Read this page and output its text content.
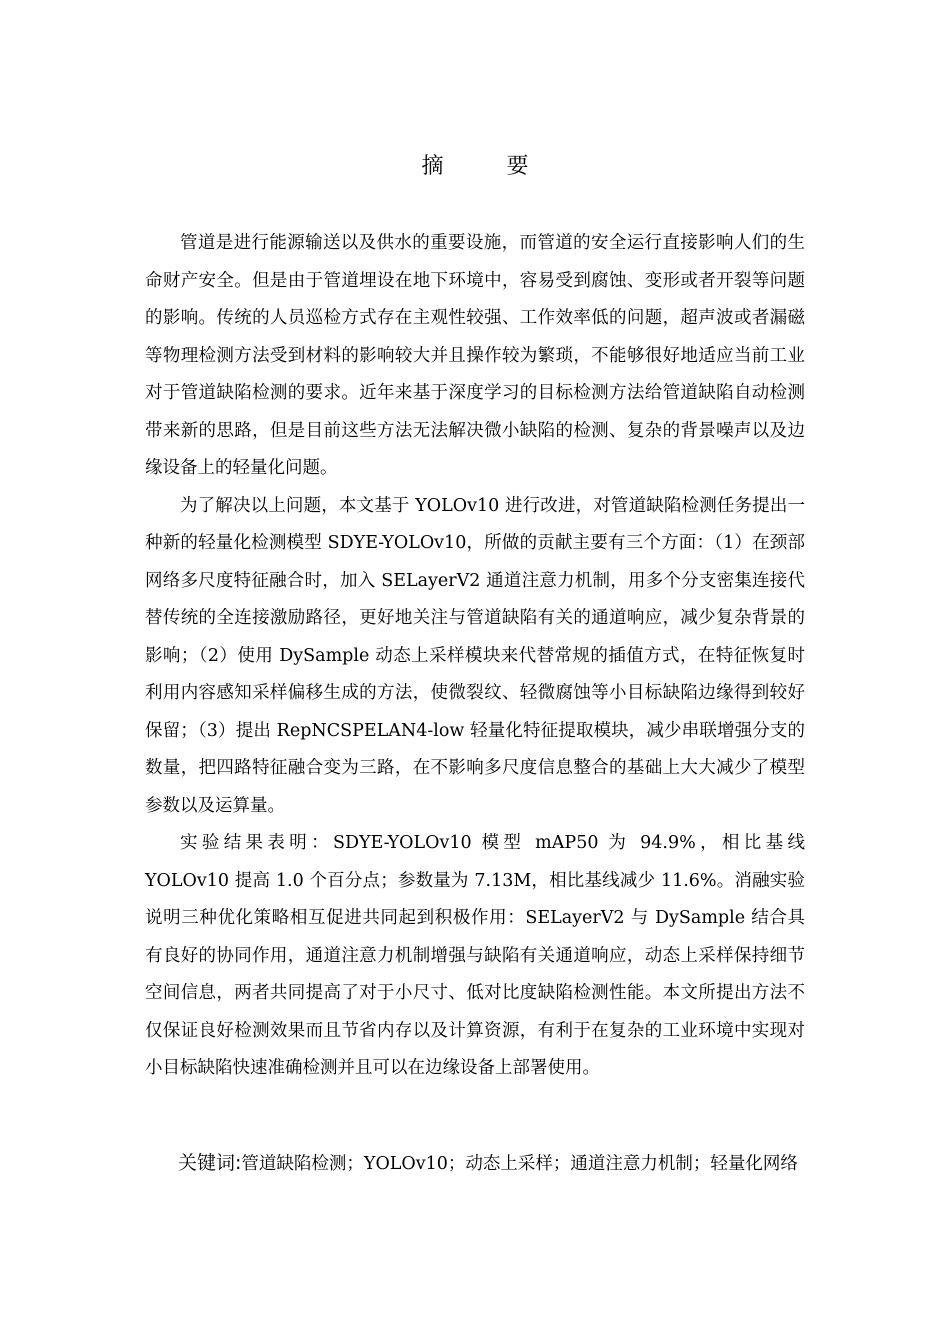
摘 要

管道是进行能源输送以及供水的重要设施，而管道的安全运行直接影响人们的生命财产安全。但是由于管道埋设在地下环境中，容易受到腐蚀、变形或者开裂等问题的影响。传统的人员巡检方式存在主观性较强、工作效率低的问题，超声波或者漏磁等物理检测方法受到材料的影响较大并且操作较为繁琐，不能够很好地适应当前工业对于管道缺陷检测的要求。近年来基于深度学习的目标检测方法给管道缺陷自动检测带来新的思路，但是目前这些方法无法解决微小缺陷的检测、复杂的背景噪声以及边缘设备上的轻量化问题。

为了解决以上问题，本文基于 YOLOv10 进行改进，对管道缺陷检测任务提出一种新的轻量化检测模型 SDYE-YOLOv10，所做的贡献主要有三个方面：（1）在颈部网络多尺度特征融合时，加入 SELayerV2 通道注意力机制，用多个分支密集连接代替传统的全连接激励路径，更好地关注与管道缺陷有关的通道响应，减少复杂背景的影响；（2）使用 DySample 动态上采样模块来代替常规的插值方式，在特征恢复时利用内容感知采样偏移生成的方法，使微裂纹、轻微腐蚀等小目标缺陷边缘得到较好保留；（3）提出 RepNCSPELAN4-low 轻量化特征提取模块，减少串联增强分支的数量，把四路特征融合变为三路，在不影响多尺度信息整合的基础上大大减少了模型参数以及运算量。

实验结果表明：SDYE-YOLOv10 模型 mAP50 为 94.9%，相比基线 YOLOv10 提高 1.0 个百分点；参数量为 7.13M，相比基线减少 11.6%。消融实验说明三种优化策略相互促进共同起到积极作用：SELayerV2 与 DySample 结合具有良好的协同作用，通道注意力机制增强与缺陷有关通道响应，动态上采样保持细节空间信息，两者共同提高了对于小尺寸、低对比度缺陷检测性能。本文所提出方法不仅保证良好检测效果而且节省内存以及计算资源，有利于在复杂的工业环境中实现对小目标缺陷快速准确检测并且可以在边缘设备上部署使用。

关键词:管道缺陷检测；YOLOv10；动态上采样；通道注意力机制；轻量化网络
